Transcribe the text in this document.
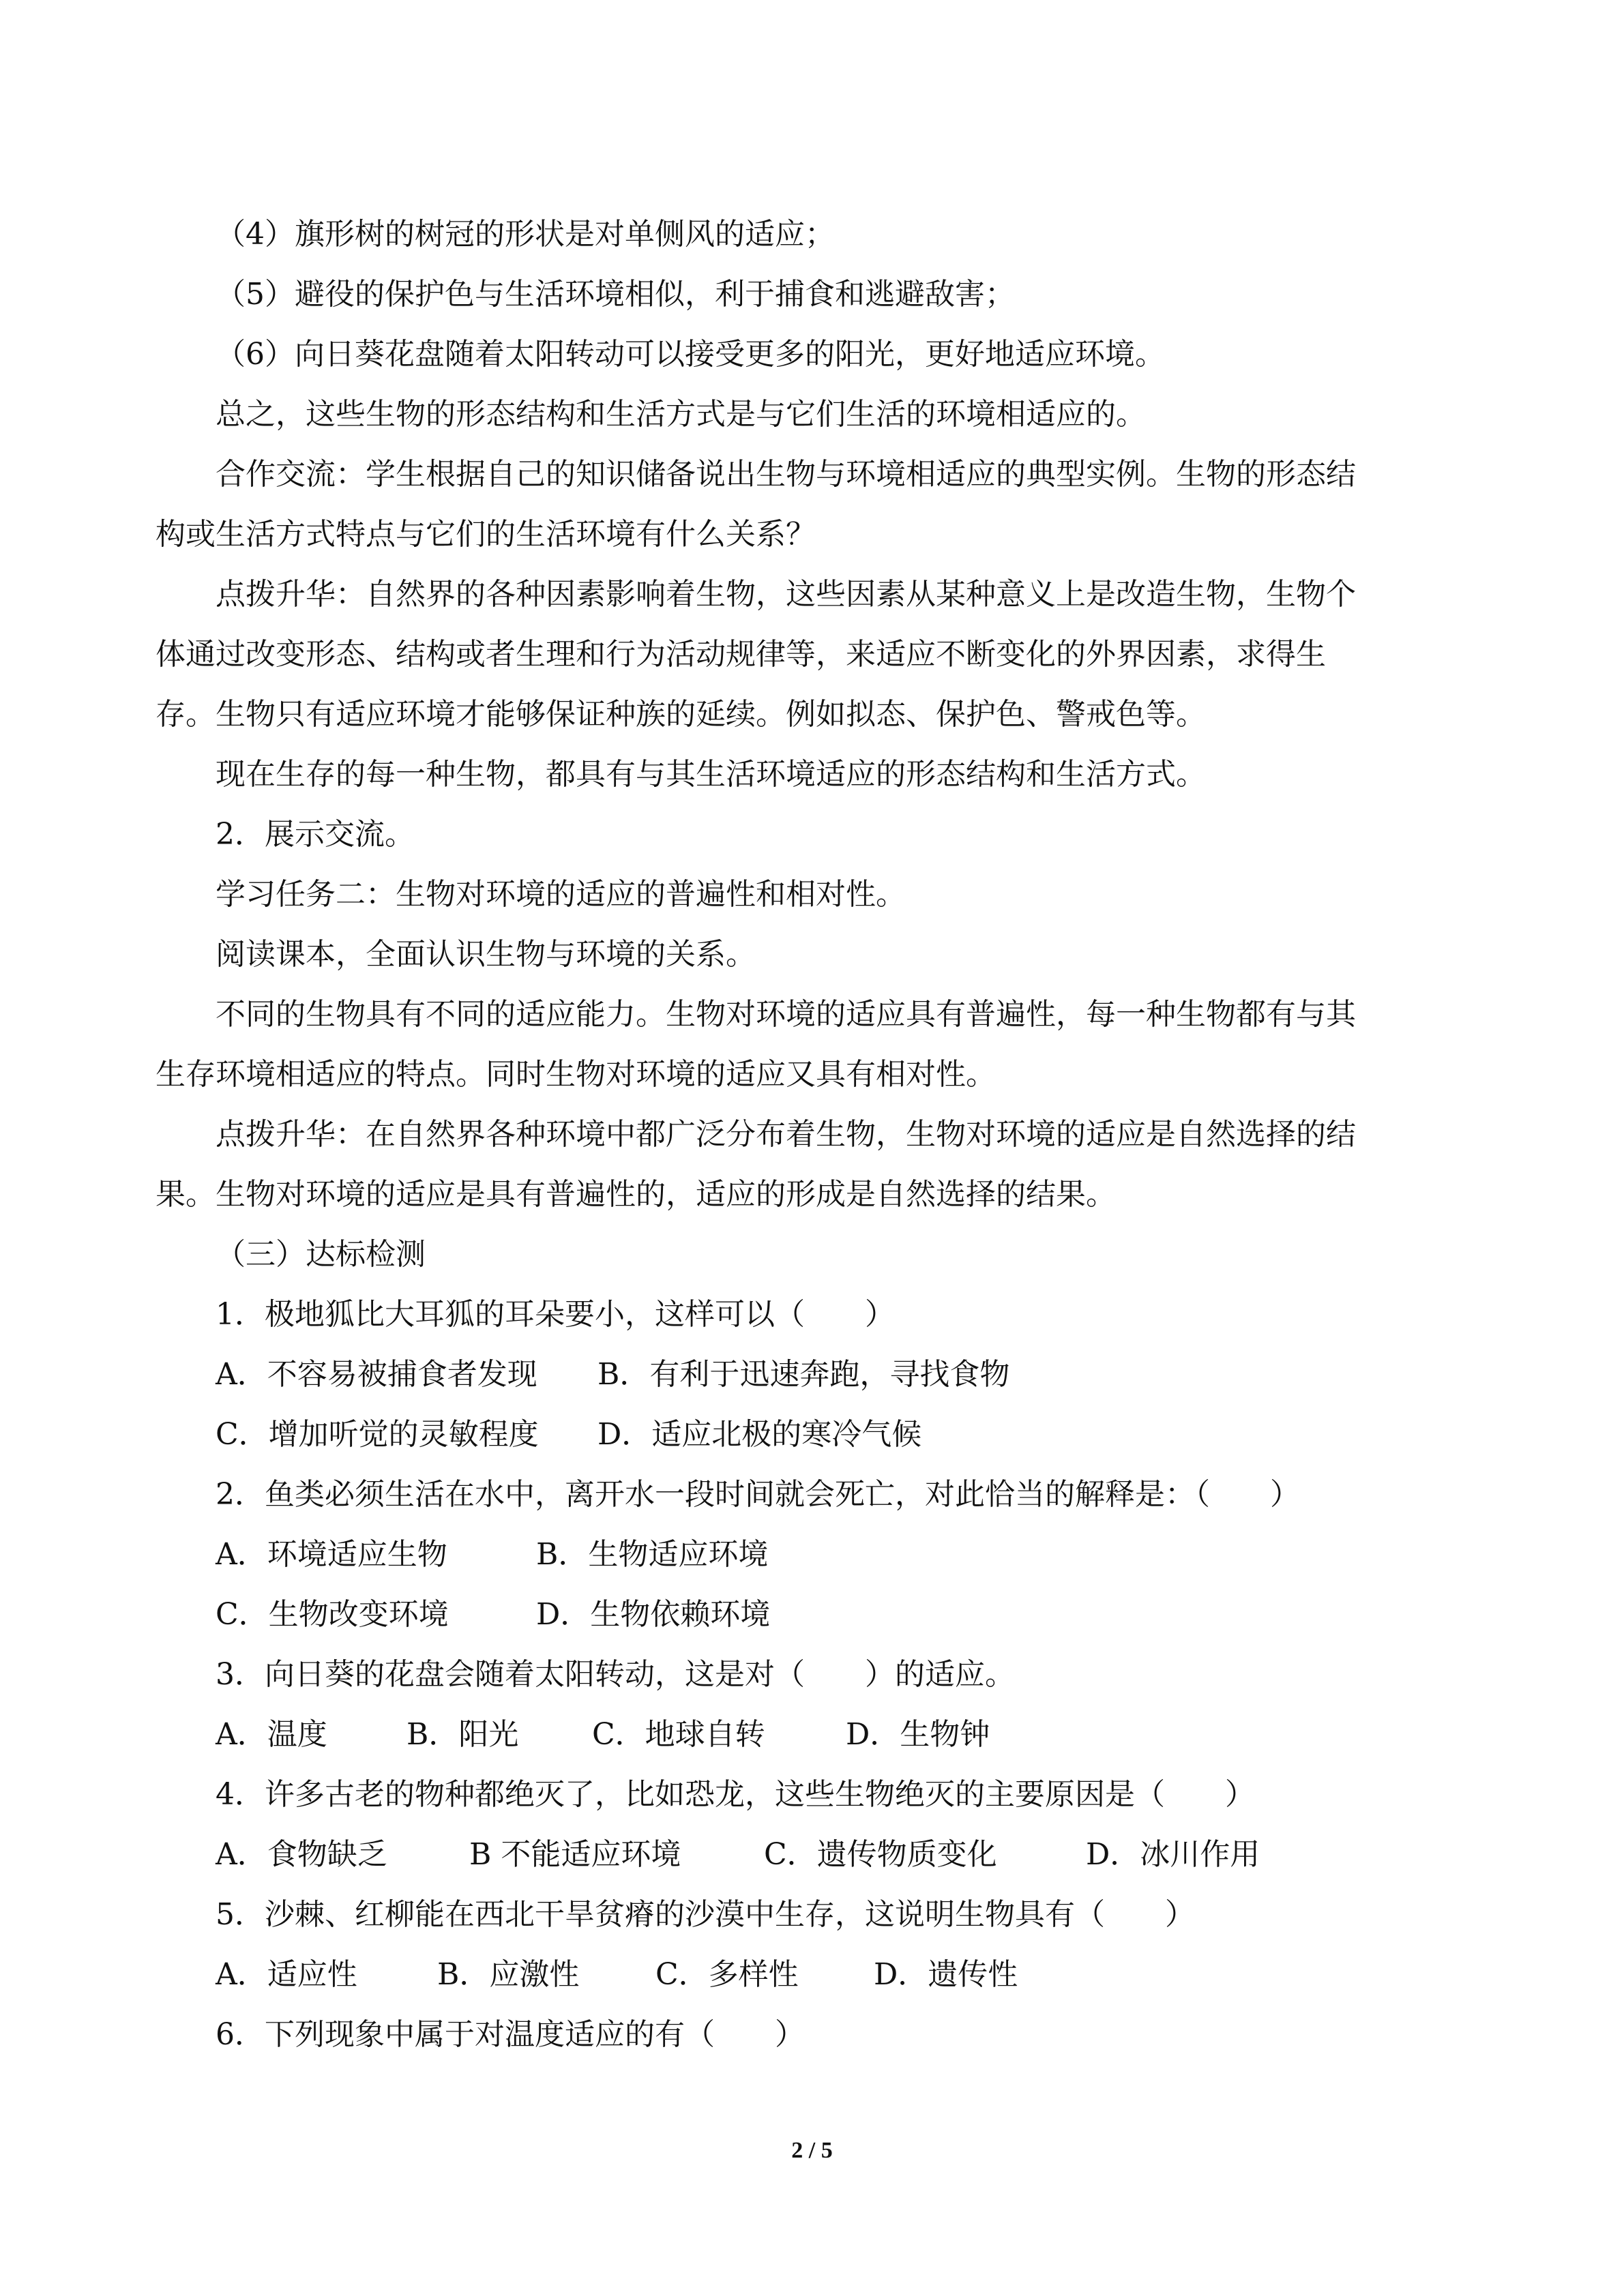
（4）旗形树的树冠的形状是对单侧风的适应；

（5）避役的保护色与生活环境相似，利于捕食和逃避敌害；

（6）向日葵花盘随着太阳转动可以接受更多的阳光，更好地适应环境。

总之，这些生物的形态结构和生活方式是与它们生活的环境相适应的。

合作交流：学生根据自己的知识储备说出生物与环境相适应的典型实例。生物的形态结

构或生活方式特点与它们的生活环境有什么关系？

点拨升华：自然界的各种因素影响着生物，这些因素从某种意义上是改造生物，生物个

体通过改变形态、结构或者生理和行为活动规律等，来适应不断变化的外界因素，求得生

存。生物只有适应环境才能够保证种族的延续。例如拟态、保护色、警戒色等。

现在生存的每一种生物，都具有与其生活环境适应的形态结构和生活方式。

2．展示交流。

学习任务二：生物对环境的适应的普遍性和相对性。

阅读课本，全面认识生物与环境的关系。

不同的生物具有不同的适应能力。生物对环境的适应具有普遍性，每一种生物都有与其

生存环境相适应的特点。同时生物对环境的适应又具有相对性。

点拨升华：在自然界各种环境中都广泛分布着生物，生物对环境的适应是自然选择的结

果。生物对环境的适应是具有普遍性的，适应的形成是自然选择的结果。

（三）达标检测

1．极地狐比大耳狐的耳朵要小，这样可以（　　）

A．不容易被捕食者发现 B．有利于迅速奔跑，寻找食物
C．增加听觉的灵敏程度 D．适应北极的寒冷气候

2．鱼类必须生活在水中，离开水一段时间就会死亡，对此恰当的解释是：（　　）

A．环境适应生物	B．生物适应环境
C．生物改变环境	D．生物依赖环境

3．向日葵的花盘会随着太阳转动，这是对（　　）的适应。

A．温度	B．阳光 C．地球自转	D．生物钟

4．许多古老的物种都绝灭了，比如恐龙，这些生物绝灭的主要原因是（　　）

A．食物缺乏	B 不能适应环境	C．遗传物质变化	D．冰川作用

5．沙棘、红柳能在西北干旱贫瘠的沙漠中生存，这说明生物具有（　　）

A．适应性	B．应激性	C．多样性	D．遗传性

6．下列现象中属于对温度适应的有（　　）

2 / 5
